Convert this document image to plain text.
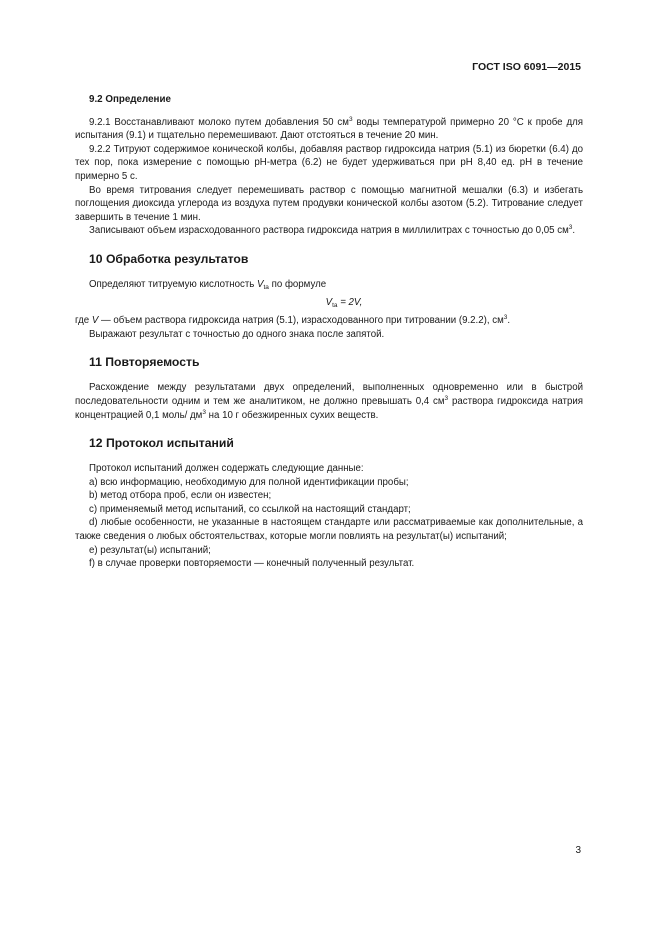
ГОСТ ISO 6091—2015
9.2 Определение

9.2.1 Восстанавливают молоко путем добавления 50 $см^3$ воды температурой примерно 20 °С к пробе для испытания (9.1) и тщательно перемешивают. Дают отстояться в течение 20 мин.

9.2.2 Титруют содержимое конической колбы, добавляя раствор гидроксида натрия (5.1) из бюретки (6.4) до тех пор, пока измерение с помощью рН-метра (6.2) не будет удерживаться при рН 8,40 ед. рН в течение примерно 5 с.

Во время титрования следует перемешивать раствор с помощью магнитной мешалки (6.3) и избегать поглощения диоксида углерода из воздуха путем продувки конической колбы азотом (5.2). Титрование следует завершить в течение 1 мин.

Записывают объем израсходованного раствора гидроксида натрия в миллилитрах с точностью до 0,05 $см^3$.

10 Обработка результатов

Определяют титруемую кислотность $V_{ta}$ по формуле

$V_{ta} = 2V$,

где V — объем раствора гидроксида натрия (5.1), израсходованного при титровании (9.2.2), $см^3$.

Выражают результат с точностью до одного знака после запятой.

11 Повторяемость

Расхождение между результатами двух определений, выполненных одновременно или в быстрой последовательности одним и тем же аналитиком, не должно превышать 0,4 $см^3$ раствора гидроксида натрия концентрацией 0,1 моль/ $дм^3$ на 10 г обезжиренных сухих веществ.

12 Протокол испытаний

Протокол испытаний должен содержать следующие данные:

a) всю информацию, необходимую для полной идентификации пробы;

b) метод отбора проб, если он известен;

c) применяемый метод испытаний, со ссылкой на настоящий стандарт;

d) любые особенности, не указанные в настоящем стандарте или рассматриваемые как дополнительные, а также сведения о любых обстоятельствах, которые могли повлиять на результат(ы) испытаний;

e) результат(ы) испытаний;

f) в случае проверки повторяемости — конечный полученный результат.

3
